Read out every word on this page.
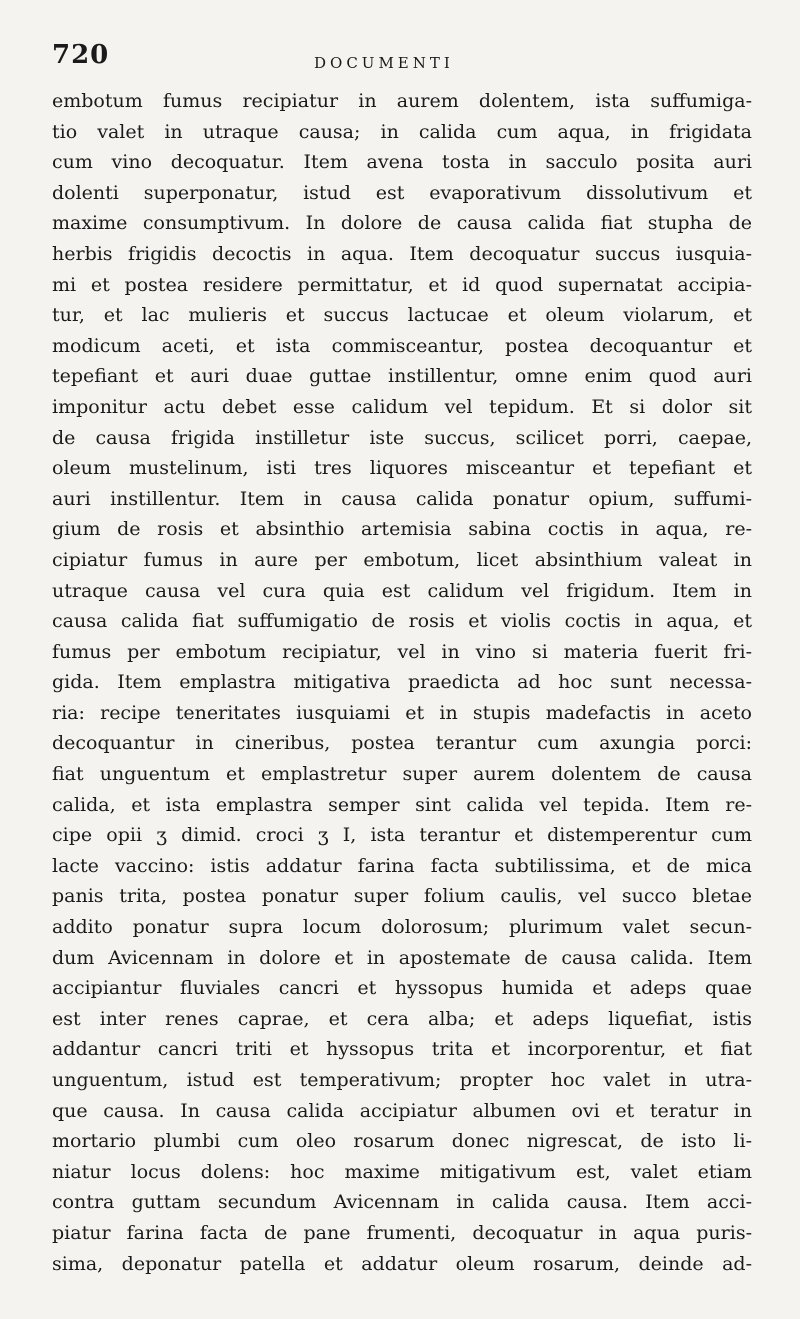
720	DOCUMENTI
embotum fumus recipiatur in aurem dolentem, ista suffumiga-
tio valet in utraque causa; in calida cum aqua, in frigidata
cum vino decoquatur. Item avena tosta in sacculo posita auri
dolenti superponatur, istud est evaporativum dissolutivum et
maxime consumptivum. In dolore de causa calida fiat stupha de
herbis frigidis decoctis in aqua. Item decoquatur succus iusquia-
mi et postea residere permittatur, et id quod supernatat accipia-
tur, et lac mulieris et succus lactucae et oleum violarum, et
modicum aceti, et ista commisceantur, postea decoquantur et
tepefiant et auri duae guttae instillentur, omne enim quod auri
imponitur actu debet esse calidum vel tepidum. Et si dolor sit
de causa frigida instilletur iste succus, scilicet porri, caepae,
oleum mustelinum, isti tres liquores misceantur et tepefiant et
auri instillentur. Item in causa calida ponatur opium, suffumi-
gium de rosis et absinthio artemisia sabina coctis in aqua, re-
cipiatur fumus in aure per embotum, licet absinthium valeat in
utraque causa vel cura quia est calidum vel frigidum. Item in
causa calida fiat suffumigatio de rosis et violis coctis in aqua, et
fumus per embotum recipiatur, vel in vino si materia fuerit fri-
gida. Item emplastra mitigativa praedicta ad hoc sunt necessa-
ria: recipe teneritates iusquiami et in stupis madefactis in aceto
decoquantur in cineribus, postea terantur cum axungia porci:
fiat unguentum et emplastretur super aurem dolentem de causa
calida, et ista emplastra semper sint calida vel tepida. Item re-
cipe opii ʒ dimid. croci ʒ I, ista terantur et distemperentur cum
lacte vaccino: istis addatur farina facta subtilissima, et de mica
panis trita, postea ponatur super folium caulis, vel succo bletae
addito ponatur supra locum dolorosum; plurimum valet secun-
dum Avicennam in dolore et in apostemate de causa calida. Item
accipiantur fluviales cancri et hyssopus humida et adeps quae
est inter renes caprae, et cera alba; et adeps liquefiat, istis
addantur cancri triti et hyssopus trita et incorporentur, et fiat
unguentum, istud est temperativum; propter hoc valet in utra-
que causa. In causa calida accipiatur albumen ovi et teratur in
mortario plumbi cum oleo rosarum donec nigrescat, de isto li-
niatur locus dolens: hoc maxime mitigativum est, valet etiam
contra guttam secundum Avicennam in calida causa. Item acci-
piatur farina facta de pane frumenti, decoquatur in aqua puris-
sima, deponatur patella et addatur oleum rosarum, deinde ad-
